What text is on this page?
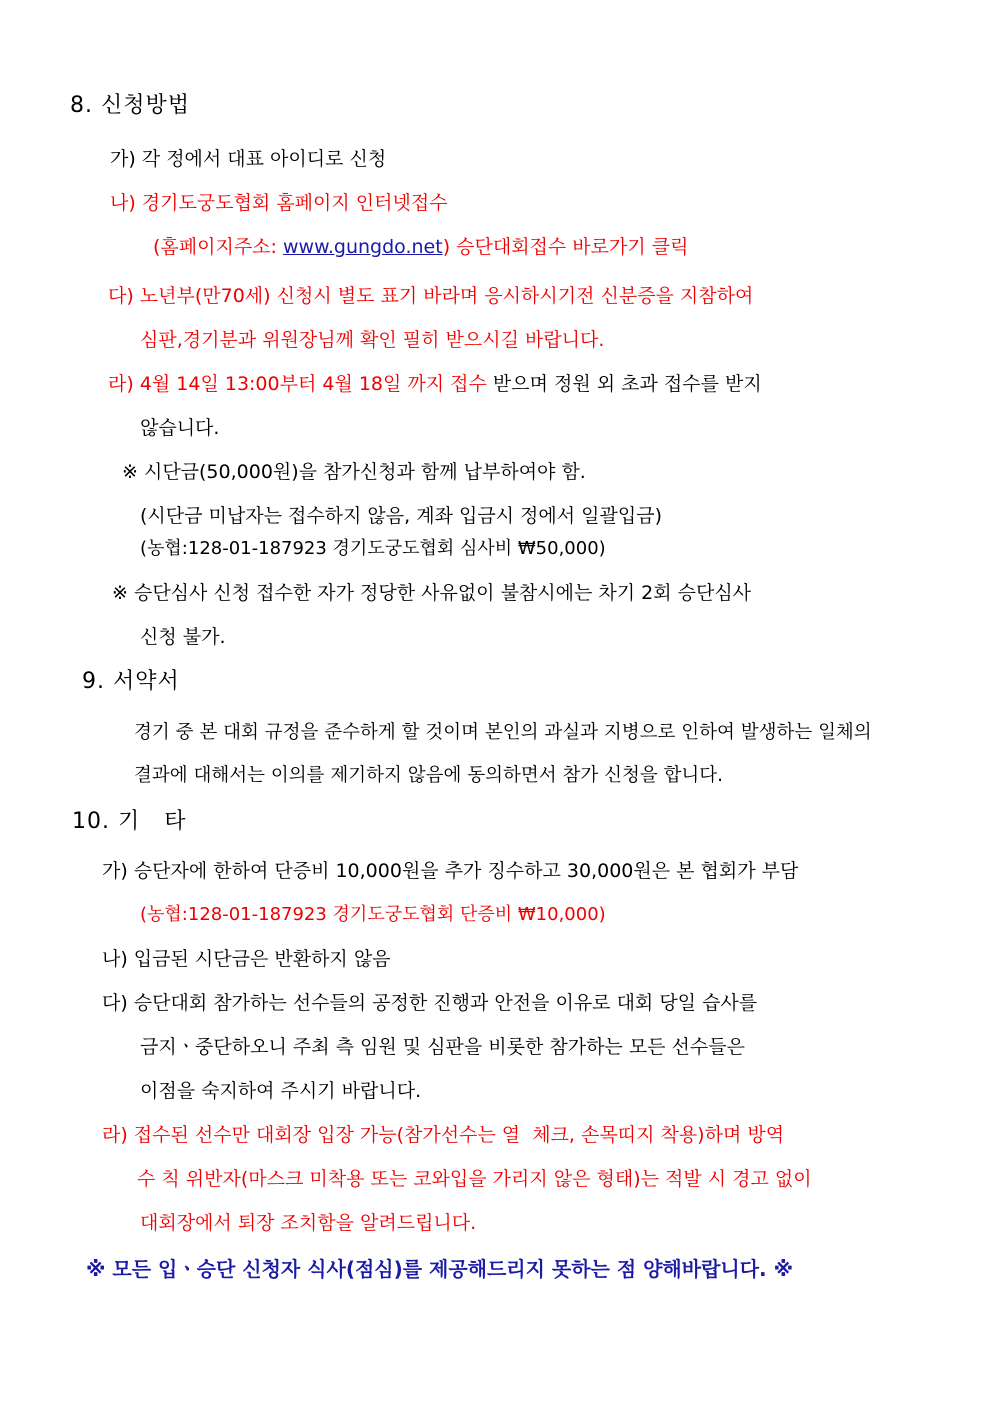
8. 신청방법
가) 각 정에서 대표 아이디로 신청
나) 경기도궁도협회 홈페이지 인터넷접수
(홈페이지주소: www.gungdo.net) 승단대회접수 바로가기 클릭
다) 노년부(만70세) 신청시 별도 표기 바라며 응시하시기전 신분증을 지참하여
심판,경기분과 위원장님께 확인 필히 받으시길 바랍니다.
라) 4월 14일 13:00부터 4월 18일 까지 접수 받으며 정원 외 초과 접수를 받지
않습니다.
※ 시단금(50,000원)을 참가신청과 함께 납부하여야 함.
(시단금 미납자는 접수하지 않음, 계좌 입금시 정에서 일괄입금)
(농협:128-01-187923 경기도궁도협회 심사비 ₩50,000)
※ 승단심사 신청 접수한 자가 정당한 사유없이 불참시에는 차기 2회 승단심사
신청 불가.
9. 서약서
경기 중 본 대회 규정을 준수하게 할 것이며 본인의 과실과 지병으로 인하여 발생하는 일체의
결과에 대해서는 이의를 제기하지 않음에 동의하면서 참가 신청을 합니다.
10. 기   타
가) 승단자에 한하여 단증비 10,000원을 추가 징수하고 30,000원은 본 협회가 부담
(농협:128-01-187923 경기도궁도협회 단증비 ₩10,000)
나) 입금된 시단금은 반환하지 않음
다) 승단대회 참가하는 선수들의 공정한 진행과 안전을 이유로 대회 당일 습사를
금지ㆍ중단하오니 주최 측 임원 및 심판을 비롯한 참가하는 모든 선수들은
이점을 숙지하여 주시기 바랍니다.
라) 접수된 선수만 대회장 입장 가능(참가선수는 열  체크, 손목띠지 착용)하며 방역
수 칙 위반자(마스크 미착용 또는 코와입을 가리지 않은 형태)는 적발 시 경고 없이
대회장에서 퇴장 조치함을 알려드립니다.
※ 모든 입ㆍ승단 신청자 식사(점심)를 제공해드리지 못하는 점 양해바랍니다. ※
